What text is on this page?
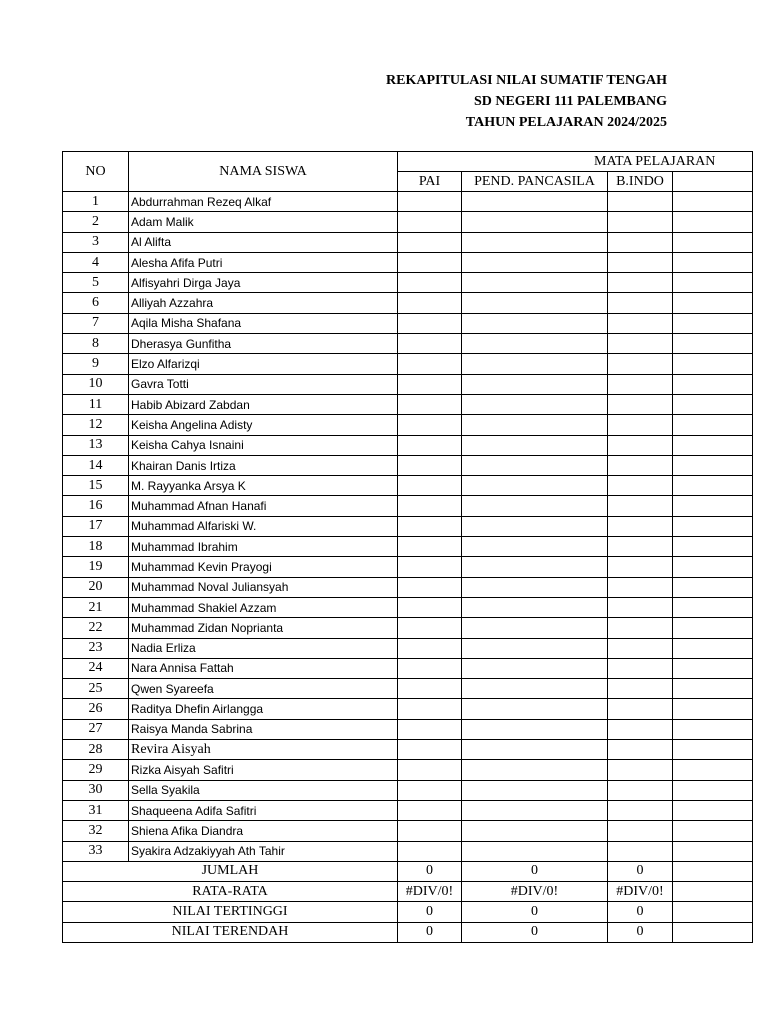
REKAPITULASI NILAI SUMATIF TENGAH
SD NEGERI 111 PALEMBANG
TAHUN PELAJARAN 2024/2025
NO	NAMA SISWA	MATA PELAJARAN			
		PAI	PEND. PANCASILA	B.INDO	
1	Abdurrahman Rezeq Alkaf				
2	Adam Malik				
3	Al Alifta				
4	Alesha Afifa Putri				
5	Alfisyahri Dirga Jaya				
6	Alliyah Azzahra				
7	Aqila Misha Shafana				
8	Dherasya Gunfitha				
9	Elzo Alfarizqi				
10	Gavra Totti				
11	Habib Abizard Zabdan				
12	Keisha Angelina Adisty				
13	Keisha Cahya Isnaini				
14	Khairan Danis Irtiza				
15	M. Rayyanka Arsya K				
16	Muhammad Afnan Hanafi				
17	Muhammad Alfariski W.				
18	Muhammad Ibrahim				
19	Muhammad Kevin Prayogi				
20	Muhammad Noval Juliansyah				
21	Muhammad Shakiel Azzam				
22	Muhammad Zidan Noprianta				
23	Nadia Erliza				
24	Nara Annisa Fattah				
25	Qwen Syareefa				
26	Raditya Dhefin Airlangga				
27	Raisya Manda Sabrina				
28	Revira Aisyah				
29	Rizka Aisyah Safitri				
30	Sella Syakila				
31	Shaqueena Adifa Safitri				
32	Shiena Afika Diandra				
33	Syakira Adzakiyyah Ath Tahir				
JUMLAH		0	0	0	
RATA-RATA		#DIV/0!	#DIV/0!	#DIV/0!	
NILAI TERTINGGI		0	0	0	
NILAI TERENDAH		0	0	0	
